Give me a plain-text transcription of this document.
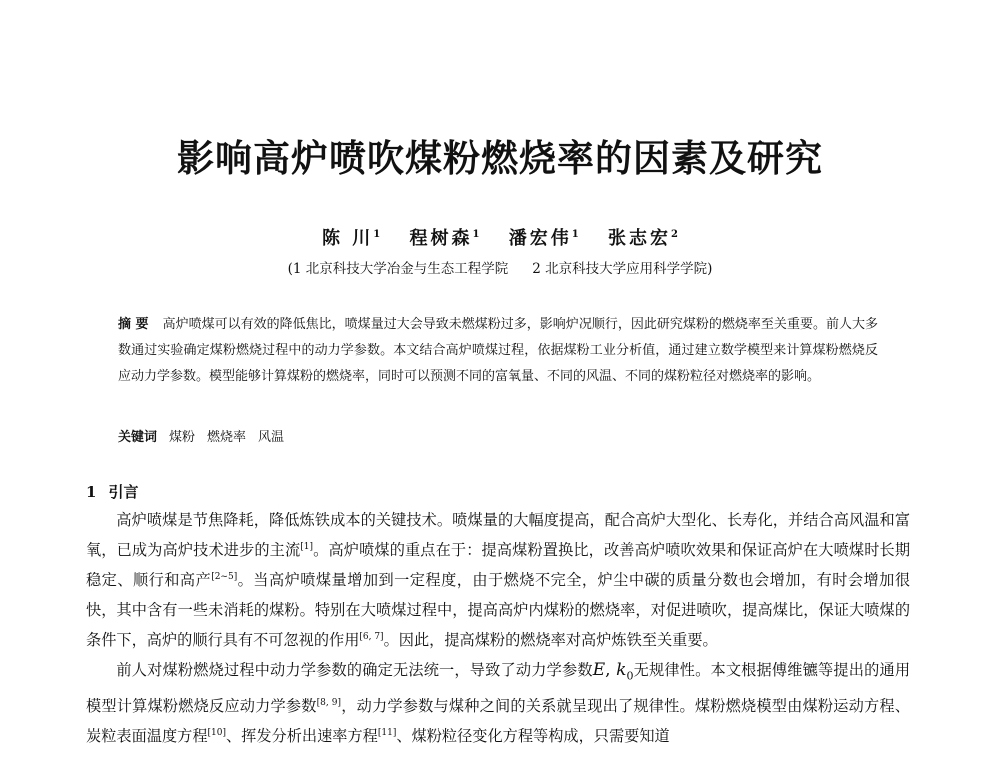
影响高炉喷吹煤粉燃烧率的因素及研究
陈 川$^1$ 程树森$^1$ 潘宏伟$^1$ 张志宏$^2$
(1 北京科技大学冶金与生态工程学院 2 北京科技大学应用科学学院)

摘 要 高炉喷煤可以有效的降低焦比，喷煤量过大会导致未燃煤粉过多，影响炉况顺行，因此研究煤粉的燃烧率至关重要。前人大多数通过实验确定煤粉燃烧过程中的动力学参数。本文结合高炉喷煤过程，依据煤粉工业分析值，通过建立数学模型来计算煤粉燃烧反应动力学参数。模型能够计算煤粉的燃烧率，同时可以预测不同的富氧量、不同的风温、不同的煤粉粒径对燃烧率的影响。

关键词 煤粉 燃烧率 风温

1 引言

高炉喷煤是节焦降耗，降低炼铁成本的关键技术。喷煤量的大幅度提高，配合高炉大型化、长寿化，并结合高风温和富氧，已成为高炉技术进步的主流[1]。高炉喷煤的重点在于：提高煤粉置换比，改善高炉喷吹效果和保证高炉在大喷煤时长期稳定、顺行和高产[2~5]。当高炉喷煤量增加到一定程度，由于燃烧不完全，炉尘中碳的质量分数也会增加，有时会增加很快，其中含有一些未消耗的煤粉。特别在大喷煤过程中，提高高炉内煤粉的燃烧率，对促进喷吹，提高煤比，保证大喷煤的条件下，高炉的顺行具有不可忽视的作用[6, 7]。因此，提高煤粉的燃烧率对高炉炼铁至关重要。

前人对煤粉燃烧过程中动力学参数的确定无法统一，导致了动力学参数E, $k_0$无规律性。本文根据傅维镳等提出的通用模型计算煤粉燃烧反应动力学参数[8, 9]，动力学参数与煤种之间的关系就呈现出了规律性。煤粉燃烧模型由煤粉运动方程、炭粒表面温度方程[10]、挥发分析出速率方程[11]、煤粉粒径变化方程等构成，只需要知道
